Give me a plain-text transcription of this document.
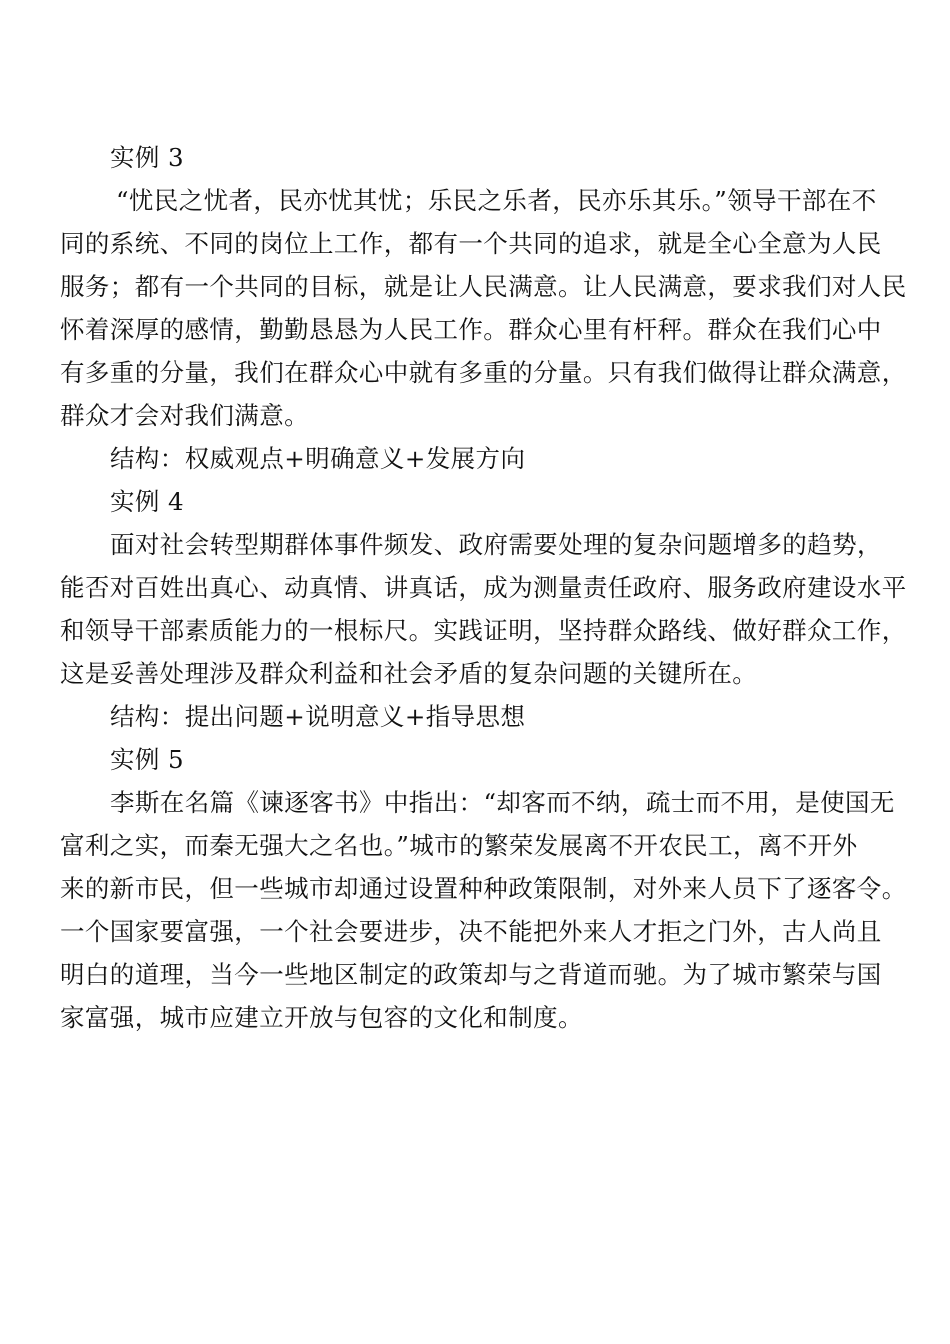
实例 3
“忧民之忧者，民亦忧其忧；乐民之乐者，民亦乐其乐。”领导干部在不
同的系统、不同的岗位上工作，都有一个共同的追求，就是全心全意为人民
服务；都有一个共同的目标，就是让人民满意。让人民满意，要求我们对人民
怀着深厚的感情，勤勤恳恳为人民工作。群众心里有杆秤。群众在我们心中
有多重的分量，我们在群众心中就有多重的分量。只有我们做得让群众满意，
群众才会对我们满意。
结构：权威观点+明确意义+发展方向
实例 4
面对社会转型期群体事件频发、政府需要处理的复杂问题增多的趋势，
能否对百姓出真心、动真情、讲真话，成为测量责任政府、服务政府建设水平
和领导干部素质能力的一根标尺。实践证明，坚持群众路线、做好群众工作，
这是妥善处理涉及群众利益和社会矛盾的复杂问题的关键所在。
结构：提出问题+说明意义+指导思想
实例 5
李斯在名篇《谏逐客书》中指出：“却客而不纳，疏士而不用，是使国无
富利之实，而秦无强大之名也。”城市的繁荣发展离不开农民工，离不开外
来的新市民，但一些城市却通过设置种种政策限制，对外来人员下了逐客令。
一个国家要富强，一个社会要进步，决不能把外来人才拒之门外，古人尚且
明白的道理，当今一些地区制定的政策却与之背道而驰。为了城市繁荣与国
家富强，城市应建立开放与包容的文化和制度。
